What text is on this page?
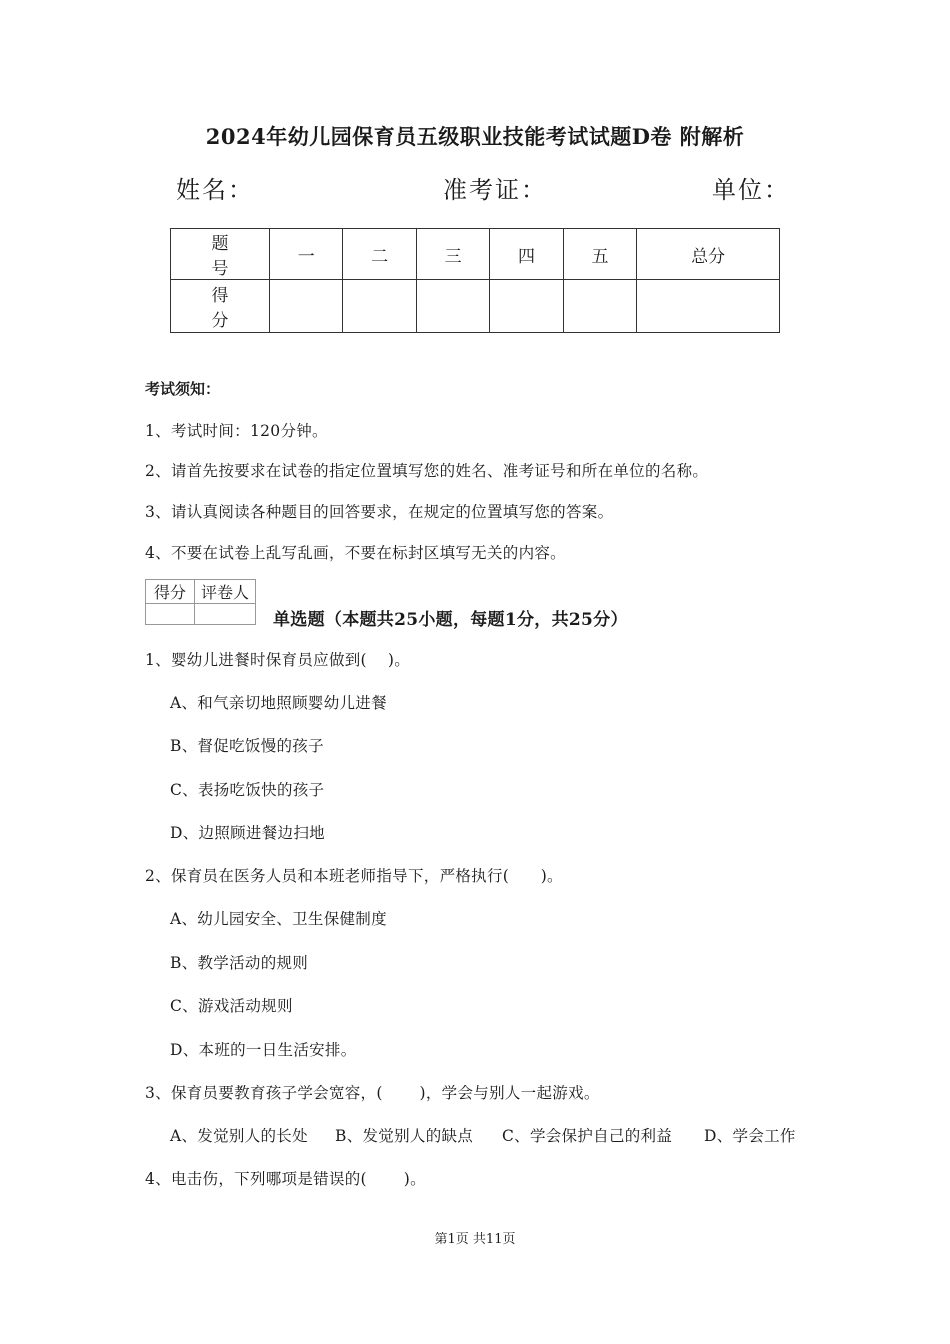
2024年幼儿园保育员五级职业技能考试试题D卷 附解析
姓名：	准考证：	单位：
题　号	一	二	三	四	五	总分
得　分						
考试须知：
1、考试时间：120分钟。
2、请首先按要求在试卷的指定位置填写您的姓名、准考证号和所在单位的名称。
3、请认真阅读各种题目的回答要求，在规定的位置填写您的答案。
4、不要在试卷上乱写乱画，不要在标封区填写无关的内容。
得分	评卷人

单选题（本题共25小题，每题1分，共25分）
1、婴幼儿进餐时保育员应做到(　 )。
A、和气亲切地照顾婴幼儿进餐
B、督促吃饭慢的孩子
C、表扬吃饭快的孩子
D、边照顾进餐边扫地
2、保育员在医务人员和本班老师指导下，严格执行(　　)。
A、幼儿园安全、卫生保健制度
B、教学活动的规则
C、游戏活动规则
D、本班的一日生活安排。
3、保育员要教育孩子学会宽容，(　　 )，学会与别人一起游戏。
A、发觉别人的长处 B、发觉别人的缺点 C、学会保护自己的利益 D、学会工作
4、电击伤，下列哪项是错误的(　　 )。
第1页 共11页
